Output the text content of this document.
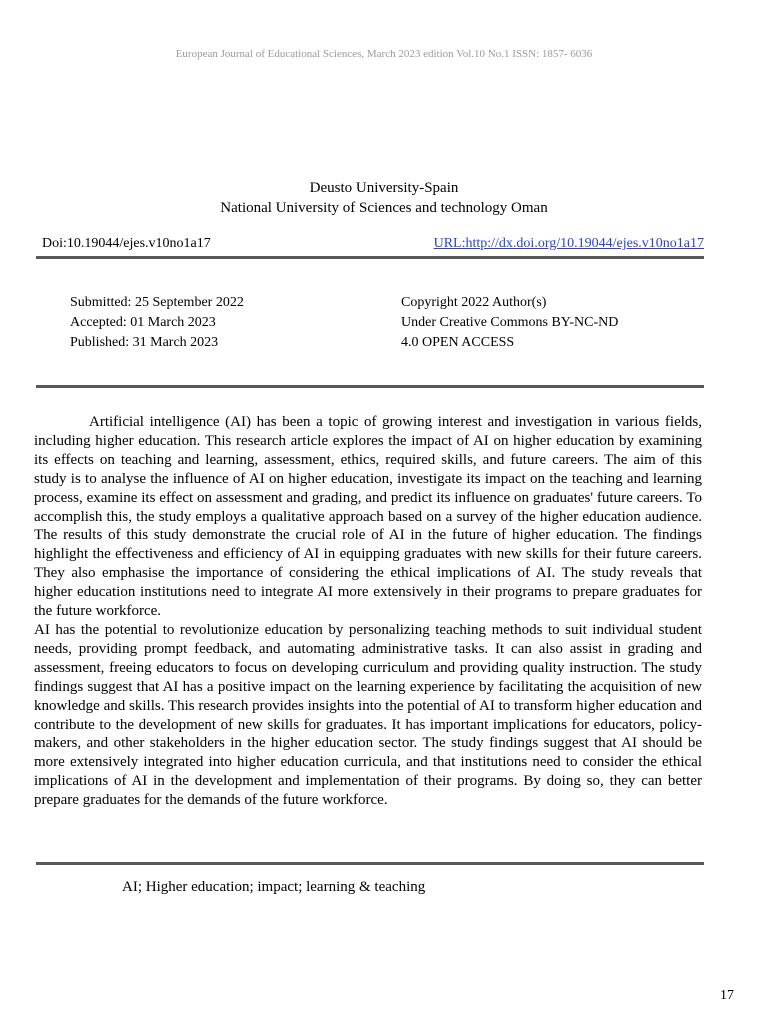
European Journal of Educational Sciences, March 2023 edition Vol.10 No.1 ISSN: 1857- 6036
Deusto University-Spain
National University of Sciences and technology Oman
Doi:10.19044/ejes.v10no1a17	URL:http://dx.doi.org/10.19044/ejes.v10no1a17
Submitted: 25 September 2022
Accepted: 01 March 2023
Published: 31 March 2023
Copyright 2022 Author(s)
Under Creative Commons BY-NC-ND
4.0 OPEN ACCESS

Artificial intelligence (AI) has been a topic of growing interest and investigation in various fields, including higher education. This research article explores the impact of AI on higher education by examining its effects on teaching and learning, assessment, ethics, required skills, and future careers. The aim of this study is to analyse the influence of AI on higher education, investigate its impact on the teaching and learning process, examine its effect on assessment and grading, and predict its influence on graduates' future careers. To accomplish this, the study employs a qualitative approach based on a survey of the higher education audience. The results of this study demonstrate the crucial role of AI in the future of higher education. The findings highlight the effectiveness and efficiency of AI in equipping graduates with new skills for their future careers. They also emphasise the importance of considering the ethical implications of AI. The study reveals that higher education institutions need to integrate AI more extensively in their programs to prepare graduates for the future workforce.

AI has the potential to revolutionize education by personalizing teaching methods to suit individual student needs, providing prompt feedback, and automating administrative tasks. It can also assist in grading and assessment, freeing educators to focus on developing curriculum and providing quality instruction. The study findings suggest that AI has a positive impact on the learning experience by facilitating the acquisition of new knowledge and skills. This research provides insights into the potential of AI to transform higher education and contribute to the development of new skills for graduates. It has important implications for educators, policy-makers, and other stakeholders in the higher education sector. The study findings suggest that AI should be more extensively integrated into higher education curricula, and that institutions need to consider the ethical implications of AI in the development and implementation of their programs. By doing so, they can better prepare graduates for the demands of the future workforce.

AI; Higher education; impact; learning & teaching
17
